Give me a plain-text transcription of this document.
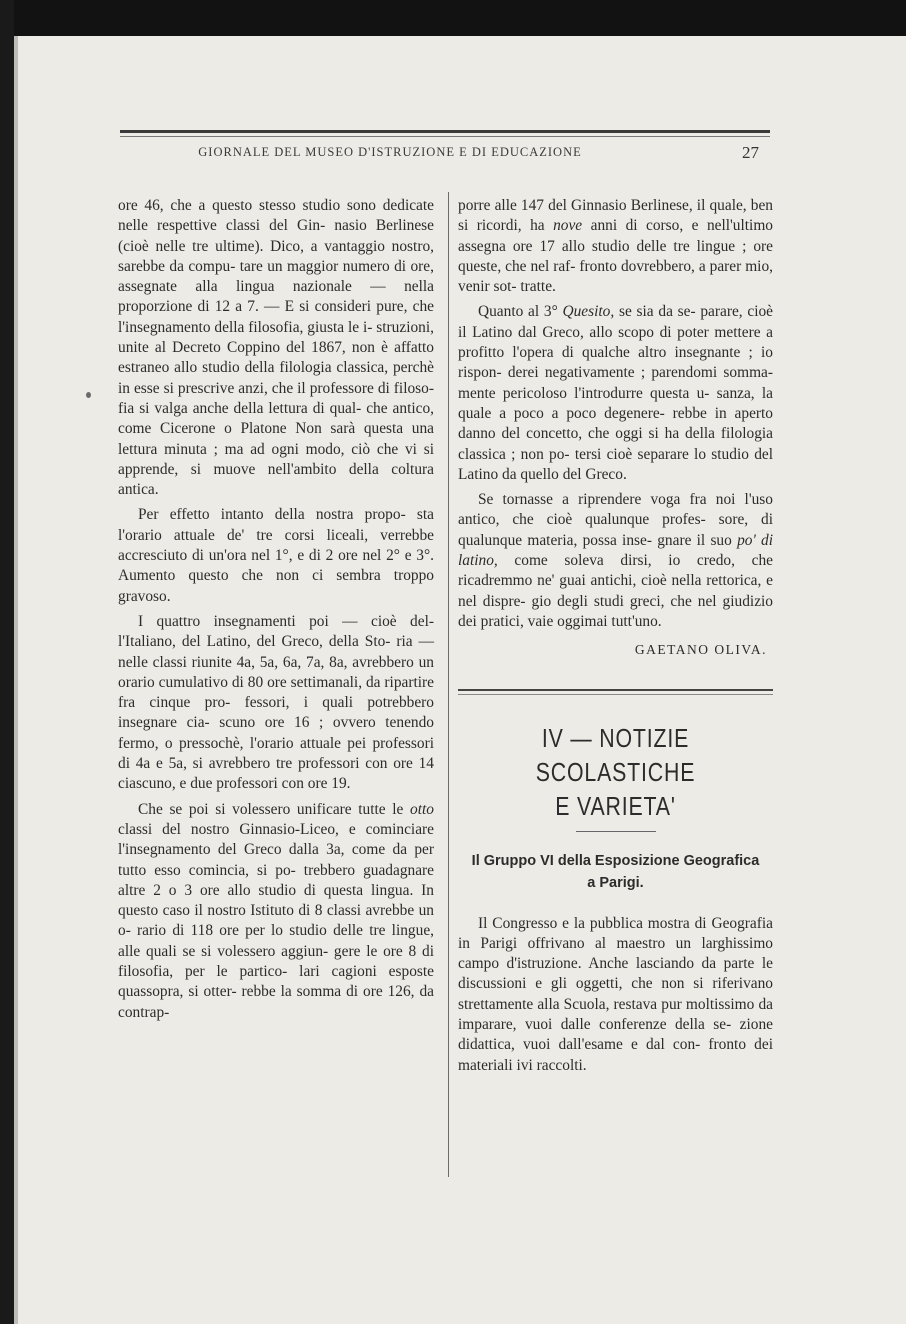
GIORNALE DEL MUSEO D'ISTRUZIONE E DI EDUCAZIONE	27

ore 46, che a questo stesso studio sono dedicate nelle respettive classi del Gin- nasio Berlinese (cioè nelle tre ultime). Dico, a vantaggio nostro, sarebbe da compu- tare un maggior numero di ore, assegnate alla lingua nazionale — nella proporzione di 12 a 7. — E si consideri pure, che l'insegnamento della filosofia, giusta le i- struzioni, unite al Decreto Coppino del 1867, non è affatto estraneo allo studio della filologia classica, perchè in esse si prescrive anzi, che il professore di filoso- fia si valga anche della lettura di qual- che antico, come Cicerone o Platone Non sarà questa una lettura minuta ; ma ad ogni modo, ciò che vi si apprende, si muove nell'ambito della coltura antica.

Per effetto intanto della nostra propo- sta l'orario attuale de' tre corsi liceali, verrebbe accresciuto di un'ora nel 1°, e di 2 ore nel 2° e 3°. Aumento questo che non ci sembra troppo gravoso.

I quattro insegnamenti poi — cioè del- l'Italiano, del Latino, del Greco, della Sto- ria — nelle classi riunite 4a, 5a, 6a, 7a, 8a, avrebbero un orario cumulativo di 80 ore settimanali, da ripartire fra cinque pro- fessori, i quali potrebbero insegnare cia- scuno ore 16 ; ovvero tenendo fermo, o pressochè, l'orario attuale pei professori di 4a e 5a, si avrebbero tre professori con ore 14 ciascuno, e due professori con ore 19.

Che se poi si volessero unificare tutte le otto classi del nostro Ginnasio-Liceo, e cominciare l'insegnamento del Greco dalla 3a, come da per tutto esso comincia, si po- trebbero guadagnare altre 2 o 3 ore allo studio di questa lingua. In questo caso il nostro Istituto di 8 classi avrebbe un o- rario di 118 ore per lo studio delle tre lingue, alle quali se si volessero aggiun- gere le ore 8 di filosofia, per le partico- lari cagioni esposte quassopra, si otter- rebbe la somma di ore 126, da contrap-

porre alle 147 del Ginnasio Berlinese, il quale, ben si ricordi, ha nove anni di corso, e nell'ultimo assegna ore 17 allo studio delle tre lingue ; ore queste, che nel raf- fronto dovrebbero, a parer mio, venir sot- tratte.

Quanto al 3° Quesito, se sia da se- parare, cioè il Latino dal Greco, allo scopo di poter mettere a profitto l'opera di qualche altro insegnante ; io rispon- derei negativamente ; parendomi somma- mente pericoloso l'introdurre questa u- sanza, la quale a poco a poco degenere- rebbe in aperto danno del concetto, che oggi si ha della filologia classica ; non po- tersi cioè separare lo studio del Latino da quello del Greco.

Se tornasse a riprendere voga fra noi l'uso antico, che cioè qualunque profes- sore, di qualunque materia, possa inse- gnare il suo po' di latino, come soleva dirsi, io credo, che ricadremmo ne' guai antichi, cioè nella rettorica, e nel dispre- gio degli studi greci, che nel giudizio dei pratici, vaie oggimai tutt'uno.

GAETANO OLIVA.
IV — NOTIZIE SCOLASTICHE
E VARIETA'
Il Gruppo VI della Esposizione Geografica
a Parigi.

Il Congresso e la pubblica mostra di Geografia in Parigi offrivano al maestro un larghissimo campo d'istruzione. Anche lasciando da parte le discussioni e gli oggetti, che non si riferivano strettamente alla Scuola, restava pur moltissimo da imparare, vuoi dalle conferenze della se- zione didattica, vuoi dall'esame e dal con- fronto dei materiali ivi raccolti.
